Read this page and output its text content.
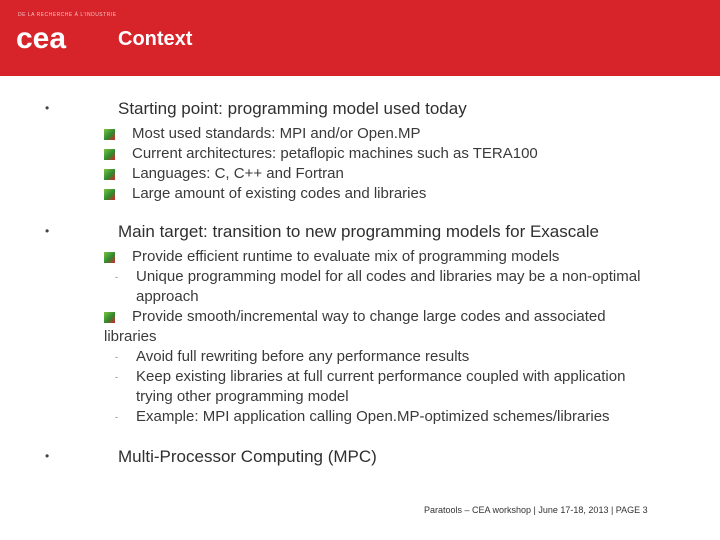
DE LA RECHERCHE À L'INDUSTRIE
cea	Context
•	Starting point: programming model used today
Most used standards: MPI and/or Open.MP
Current architectures: petaflopic machines such as TERA100
Languages: C, C++ and Fortran
Large amount of existing codes and libraries
•	Main target: transition to new programming models for Exascale
Provide efficient runtime to evaluate mix of programming models
- Unique programming model for all codes and libraries may be a non-optimal
approach
Provide smooth/incremental way to change large codes and associated
libraries
- Avoid full rewriting before any performance results
- Keep existing libraries at full current performance coupled with application
trying other programming model
- Example: MPI application calling Open.MP-optimized schemes/libraries
•	Multi-Processor Computing (MPC)
Paratools – CEA workshop | June 17-18, 2013 | PAGE 3
